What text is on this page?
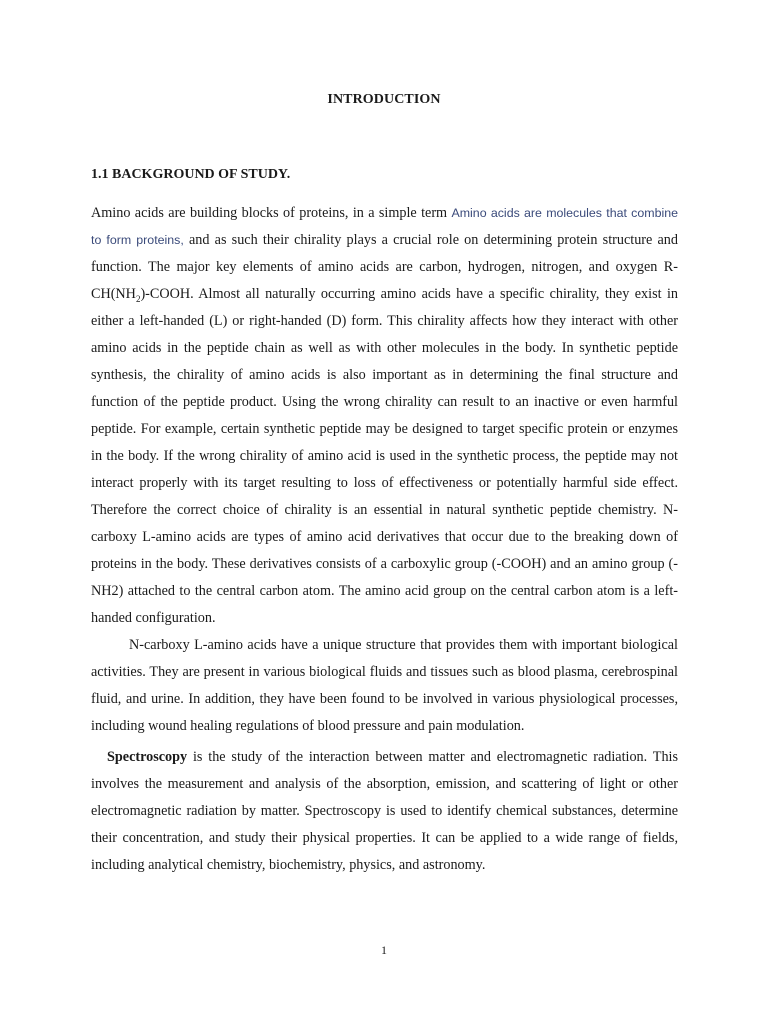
INTRODUCTION
1.1 BACKGROUND OF STUDY.

Amino acids are building blocks of proteins, in a simple term Amino acids are molecules that combine to form proteins, and as such their chirality plays a crucial role on determining protein structure and function. The major key elements of amino acids are carbon, hydrogen, nitrogen, and oxygen $R-CH(NH_2)$-COOH. Almost all naturally occurring amino acids have a specific chirality, they exist in either a left-handed (L) or right-handed (D) form. This chirality affects how they interact with other amino acids in the peptide chain as well as with other molecules in the body. In synthetic peptide synthesis, the chirality of amino acids is also important as in determining the final structure and function of the peptide product. Using the wrong chirality can result to an inactive or even harmful peptide. For example, certain synthetic peptide may be designed to target specific protein or enzymes in the body. If the wrong chirality of amino acid is used in the synthetic process, the peptide may not interact properly with its target resulting to loss of effectiveness or potentially harmful side effect. Therefore the correct choice of chirality is an essential in natural synthetic peptide chemistry. N-carboxy L-amino acids are types of amino acid derivatives that occur due to the breaking down of proteins in the body. These derivatives consists of a carboxylic group (-COOH) and an amino group (-NH2) attached to the central carbon atom. The amino acid group on the central carbon atom is a left-handed configuration.

N-carboxy L-amino acids have a unique structure that provides them with important biological activities. They are present in various biological fluids and tissues such as blood plasma, cerebrospinal fluid, and urine. In addition, they have been found to be involved in various physiological processes, including wound healing regulations of blood pressure and pain modulation.

Spectroscopy is the study of the interaction between matter and electromagnetic radiation. This involves the measurement and analysis of the absorption, emission, and scattering of light or other electromagnetic radiation by matter. Spectroscopy is used to identify chemical substances, determine their concentration, and study their physical properties. It can be applied to a wide range of fields, including analytical chemistry, biochemistry, physics, and astronomy.

1
